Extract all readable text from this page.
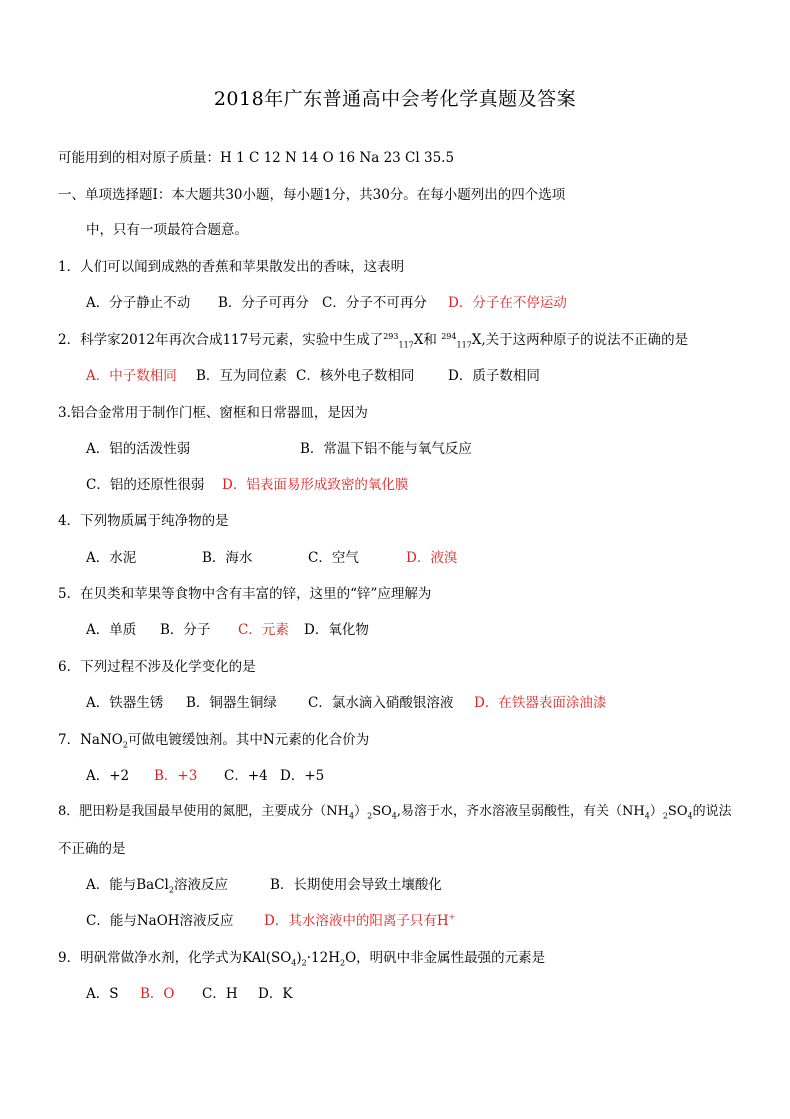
2018年广东普通高中会考化学真题及答案
可能用到的相对原子质量：H 1 C 12 N 14 O 16 Na 23 Cl 35.5
一、单项选择题Ⅰ：本大题共30小题，每小题1分，共30分。在每小题列出的四个选项
中，只有一项最符合题意。
1．人们可以闻到成熟的香蕉和苹果散发出的香味，这表明
A．分子静止不动 B．分子可再分 C．分子不可再分 D．分子在不停运动
2．科学家2012年再次合成117号元素，实验中生成了$^{293}_{117}$X和 $^{294}_{117}$X,关于这两种原子的说法不正确的是
A．中子数相同 B．互为同位素 C．核外电子数相同 D．质子数相同
3.铝合金常用于制作门框、窗框和日常器皿，是因为
A．铝的活泼性弱	B．常温下铝不能与氧气反应
C．铝的还原性很弱 D．铝表面易形成致密的氧化膜
4．下列物质属于纯净物的是
A．水泥	B．海水	C．空气	D．液溴
5．在贝类和苹果等食物中含有丰富的锌，这里的“锌”应理解为
A．单质 B．分子 C．元素 D．氧化物
6．下列过程不涉及化学变化的是
A．铁器生锈 B．铜器生铜绿 C．氯水滴入硝酸银溶液 D．在铁器表面涂油漆
7．NaNO$_2$可做电镀缓蚀剂。其中N元素的化合价为
A．+2 B．+3 C．+4 D．+5
8．肥田粉是我国最早使用的氮肥，主要成分$(NH_4)_2SO_4$,易溶于水，齐水溶液呈弱酸性，有关$(NH_4)_2SO_4$的说法
不正确的是
A．能与BaCl$_2$溶液反应	B．长期使用会导致土壤酸化
C．能与NaOH溶液反应 D．其水溶液中的阳离子只有H+
9．明矾常做净水剂，化学式为$KAl(SO_4)_2\cdot 12H_2O$，明矾中非金属性最强的元素是
A．S B．O C．H D．K
